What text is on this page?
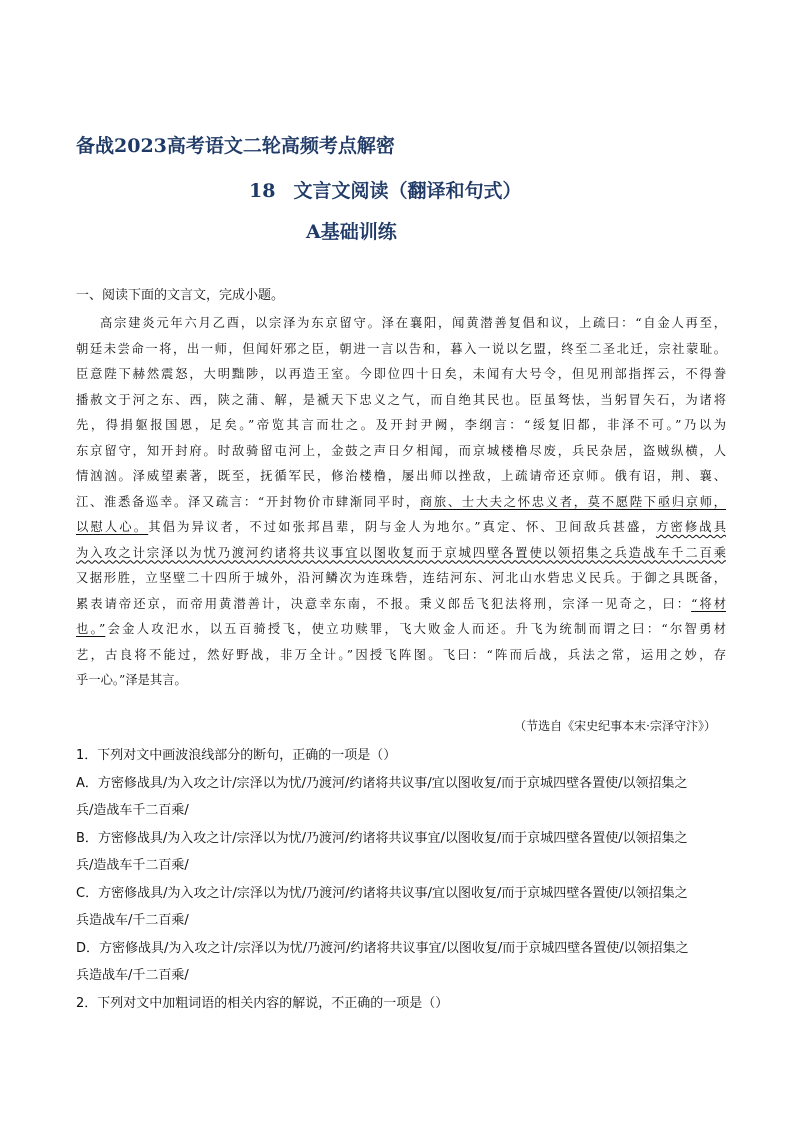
备战2023高考语文二轮高频考点解密
18 文言文阅读（翻译和句式）
A基础训练
一、阅读下面的文言文，完成小题。
高宗建炎元年六月乙酉，以宗泽为东京留守。泽在襄阳，闻黄潜善复倡和议，上疏曰：“自金人再至，
朝廷未尝命一将，出一师，但闻奸邪之臣，朝进一言以告和，暮入一说以乞盟，终至二圣北迁，宗社蒙耻。
臣意陛下赫然震怒，大明黜陟，以再造王室。今即位四十日矣，未闻有大号令，但见刑部指挥云，不得誊
播赦文于河之东、西，陕之蒲、解，是褫天下忠义之气，而自绝其民也。臣虽驽怯，当躬冒矢石，为诸将
先，得捐躯报国恩，足矣。”帝览其言而壮之。及开封尹阙，李纲言：“绥复旧都，非泽不可。”乃以为
东京留守，知开封府。时敌骑留屯河上，金鼓之声日夕相闻，而京城楼橹尽废，兵民杂居，盗贼纵横，人
情汹汹。泽威望素著，既至，抚循军民，修治楼橹，屡出师以挫敌，上疏请帝还京师。俄有诏，荆、襄、
江、淮悉备巡幸。泽又疏言：“开封物价市肆渐同平时，商旅、士大夫之怀忠义者，莫不愿陛下亟归京师，
以慰人心。其倡为异议者，不过如张邦昌辈，阴与金人为地尔。”真定、怀、卫间敌兵甚盛，方密修战具
为入攻之计宗泽以为忧乃渡河约诸将共议事宜以图收复而于京城四壁各置使以领招集之兵造战车千二百乘
又据形胜，立坚壁二十四所于城外，沿河鳞次为连珠砦，连结河东、河北山水砦忠义民兵。于御之具既备，
累表请帝还京，而帝用黄潜善计，决意幸东南，不报。秉义郎岳飞犯法将刑，宗泽一见奇之，曰：“将材
也。”会金人攻汜水，以五百骑授飞，使立功赎罪，飞大败金人而还。升飞为统制而谓之曰：“尔智勇材
艺，古良将不能过，然好野战，非万全计。”因授飞阵图。飞曰：“阵而后战，兵法之常，运用之妙，存
乎一心。”泽是其言。
（节选自《宋史纪事本末·宗泽守汴》）
1．下列对文中画波浪线部分的断句，正确的一项是（）
A．方密修战具/为入攻之计/宗泽以为忧/乃渡河/约诸将共议事/宜以图收复/而于京城四壁各置使/以领招集之
兵/造战车千二百乘/
B．方密修战具/为入攻之计/宗泽以为忧/乃渡河/约诸将共议事宜/以图收复/而于京城四壁各置使/以领招集之
兵/造战车千二百乘/
C．方密修战具/为入攻之计/宗泽以为忧/乃渡河/约诸将共议事/宜以图收复/而于京城四壁各置使/以领招集之
兵造战车/千二百乘/
D．方密修战具/为入攻之计/宗泽以为忧/乃渡河/约诸将共议事宜/以图收复/而于京城四壁各置使/以领招集之
兵造战车/千二百乘/
2．下列对文中加粗词语的相关内容的解说，不正确的一项是（）
